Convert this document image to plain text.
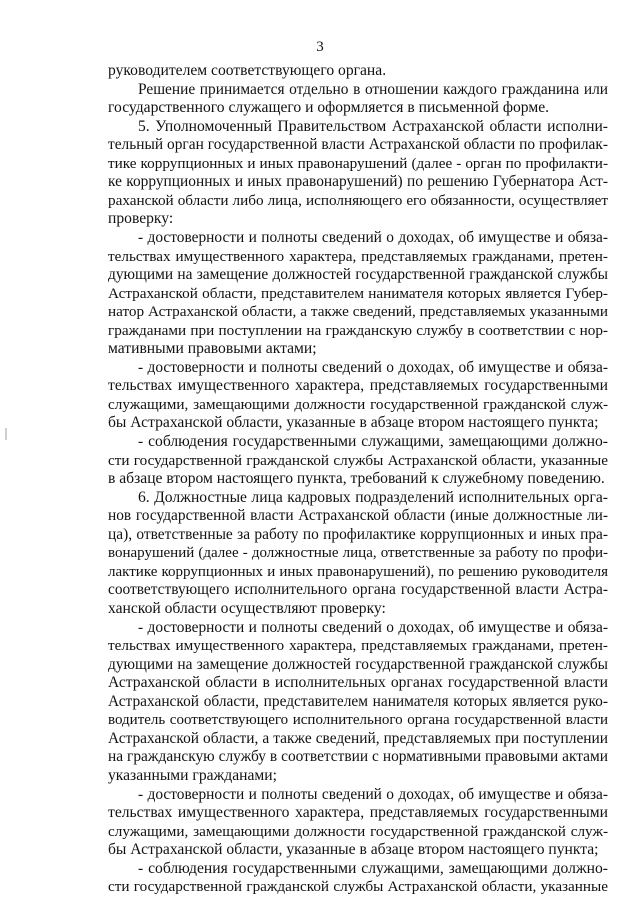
3
руководителем соответствующего органа.
Решение принимается отдельно в отношении каждого гражданина или
государственного служащего и оформляется в письменной форме.
5. Уполномоченный Правительством Астраханской области исполни-
тельный орган государственной власти Астраханской области по профилак-
тике коррупционных и иных правонарушений (далее - орган по профилакти-
ке коррупционных и иных правонарушений) по решению Губернатора Аст-
раханской области либо лица, исполняющего его обязанности, осуществляет
проверку:
- достоверности и полноты сведений о доходах, об имуществе и обяза-
тельствах имущественного характера, представляемых гражданами, претен-
дующими на замещение должностей государственной гражданской службы
Астраханской области, представителем нанимателя которых является Губер-
натор Астраханской области, а также сведений, представляемых указанными
гражданами при поступлении на гражданскую службу в соответствии с нор-
мативными правовыми актами;
- достоверности и полноты сведений о доходах, об имуществе и обяза-
тельствах имущественного характера, представляемых государственными
служащими, замещающими должности государственной гражданской служ-
бы Астраханской области, указанные в абзаце втором настоящего пункта;
- соблюдения государственными служащими, замещающими должно-
сти государственной гражданской службы Астраханской области, указанные
в абзаце втором настоящего пункта, требований к служебному поведению.
6. Должностные лица кадровых подразделений исполнительных орга-
нов государственной власти Астраханской области (иные должностные ли-
ца), ответственные за работу по профилактике коррупционных и иных пра-
вонарушений (далее - должностные лица, ответственные за работу по профи-
лактике коррупционных и иных правонарушений), по решению руководителя
соответствующего исполнительного органа государственной власти Астра-
ханской области осуществляют проверку:
- достоверности и полноты сведений о доходах, об имуществе и обяза-
тельствах имущественного характера, представляемых гражданами, претен-
дующими на замещение должностей государственной гражданской службы
Астраханской области в исполнительных органах государственной власти
Астраханской области, представителем нанимателя которых является руко-
водитель соответствующего исполнительного органа государственной власти
Астраханской области, а также сведений, представляемых при поступлении
на гражданскую службу в соответствии с нормативными правовыми актами
указанными гражданами;
- достоверности и полноты сведений о доходах, об имуществе и обяза-
тельствах имущественного характера, представляемых государственными
служащими, замещающими должности государственной гражданской служ-
бы Астраханской области, указанные в абзаце втором настоящего пункта;
- соблюдения государственными служащими, замещающими должно-
сти государственной гражданской службы Астраханской области, указанные
